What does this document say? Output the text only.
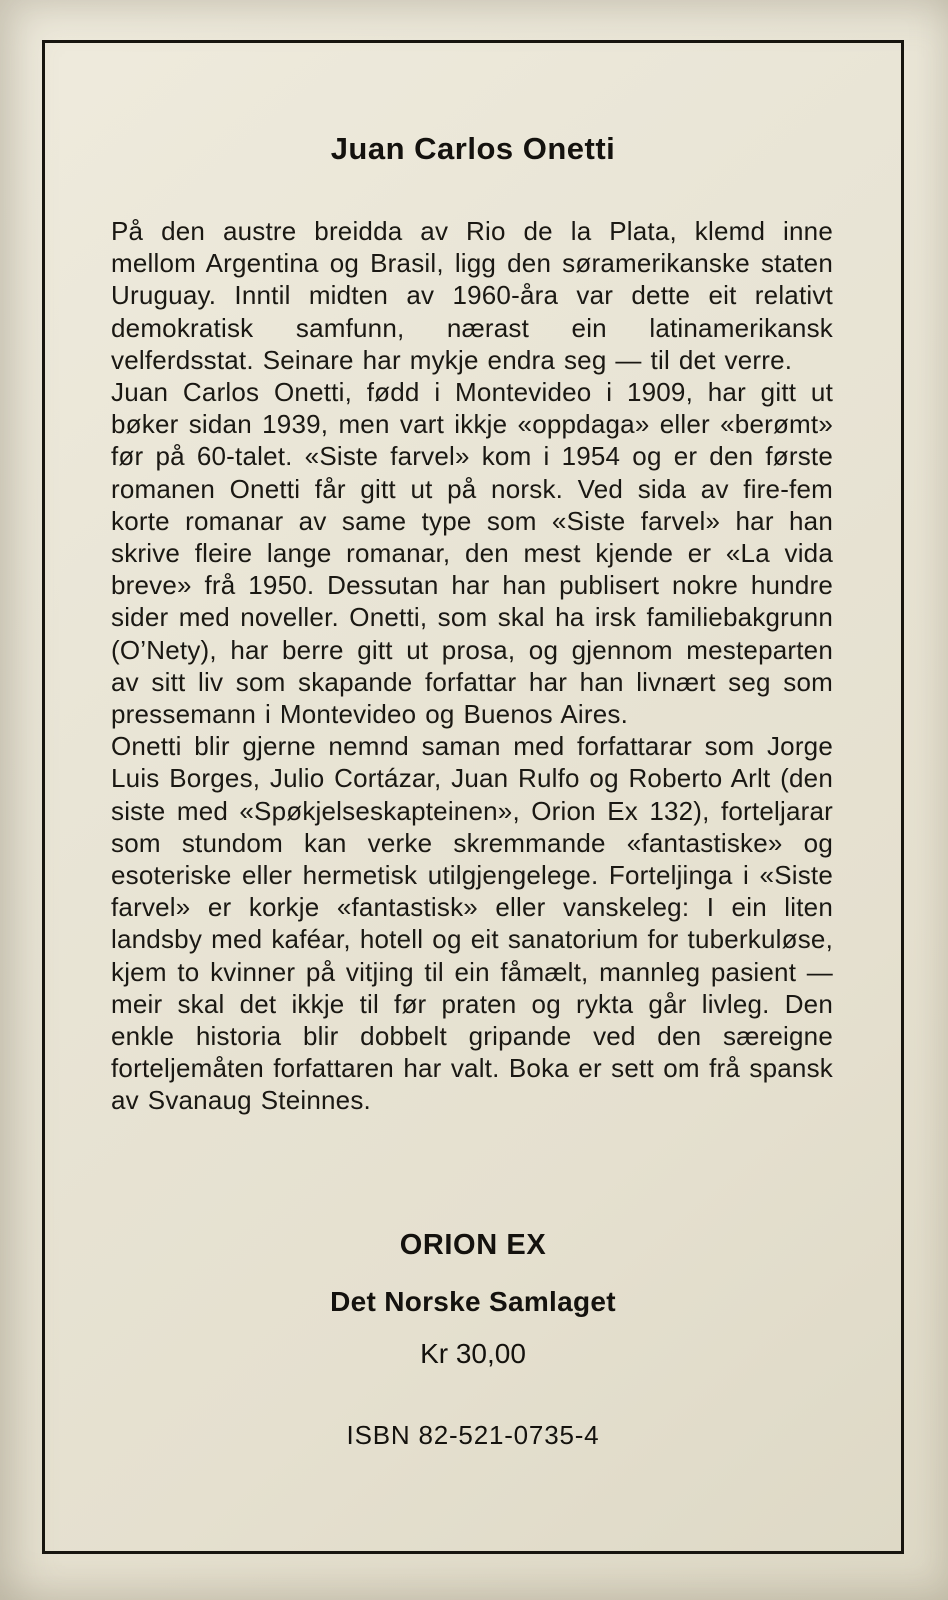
Juan Carlos Onetti

På den austre breidda av Rio de la Plata, klemd inne mellom Argentina og Brasil, ligg den søramerikanske staten Uruguay. Inntil midten av 1960-åra var dette eit relativt demokratisk samfunn, nærast ein latinamerikansk velferdsstat. Seinare har mykje endra seg — til det verre.

Juan Carlos Onetti, fødd i Montevideo i 1909, har gitt ut bøker sidan 1939, men vart ikkje «oppdaga» eller «berømt» før på 60-talet. «Siste farvel» kom i 1954 og er den første romanen Onetti får gitt ut på norsk. Ved sida av fire-fem korte romanar av same type som «Siste farvel» har han skrive fleire lange romanar, den mest kjende er «La vida breve» frå 1950. Dessutan har han publisert nokre hundre sider med noveller. Onetti, som skal ha irsk familiebakgrunn (O’Nety), har berre gitt ut prosa, og gjennom mesteparten av sitt liv som skapande forfattar har han livnært seg som pressemann i Montevideo og Buenos Aires.

Onetti blir gjerne nemnd saman med forfattarar som Jorge Luis Borges, Julio Cortázar, Juan Rulfo og Roberto Arlt (den siste med «Spøkjelseskapteinen», Orion Ex 132), forteljarar som stundom kan verke skremmande «fantastiske» og esoteriske eller hermetisk utilgjengelege. Forteljinga i «Siste farvel» er korkje «fantastisk» eller vanskeleg: I ein liten landsby med kaféar, hotell og eit sanatorium for tuberkuløse, kjem to kvinner på vitjing til ein fåmælt, mannleg pasient — meir skal det ikkje til før praten og rykta går livleg. Den enkle historia blir dobbelt gripande ved den særeigne forteljemåten forfattaren har valt. Boka er sett om frå spansk av Svanaug Steinnes.

ORION EX
Det Norske Samlaget
Kr 30,00
ISBN 82-521-0735-4
